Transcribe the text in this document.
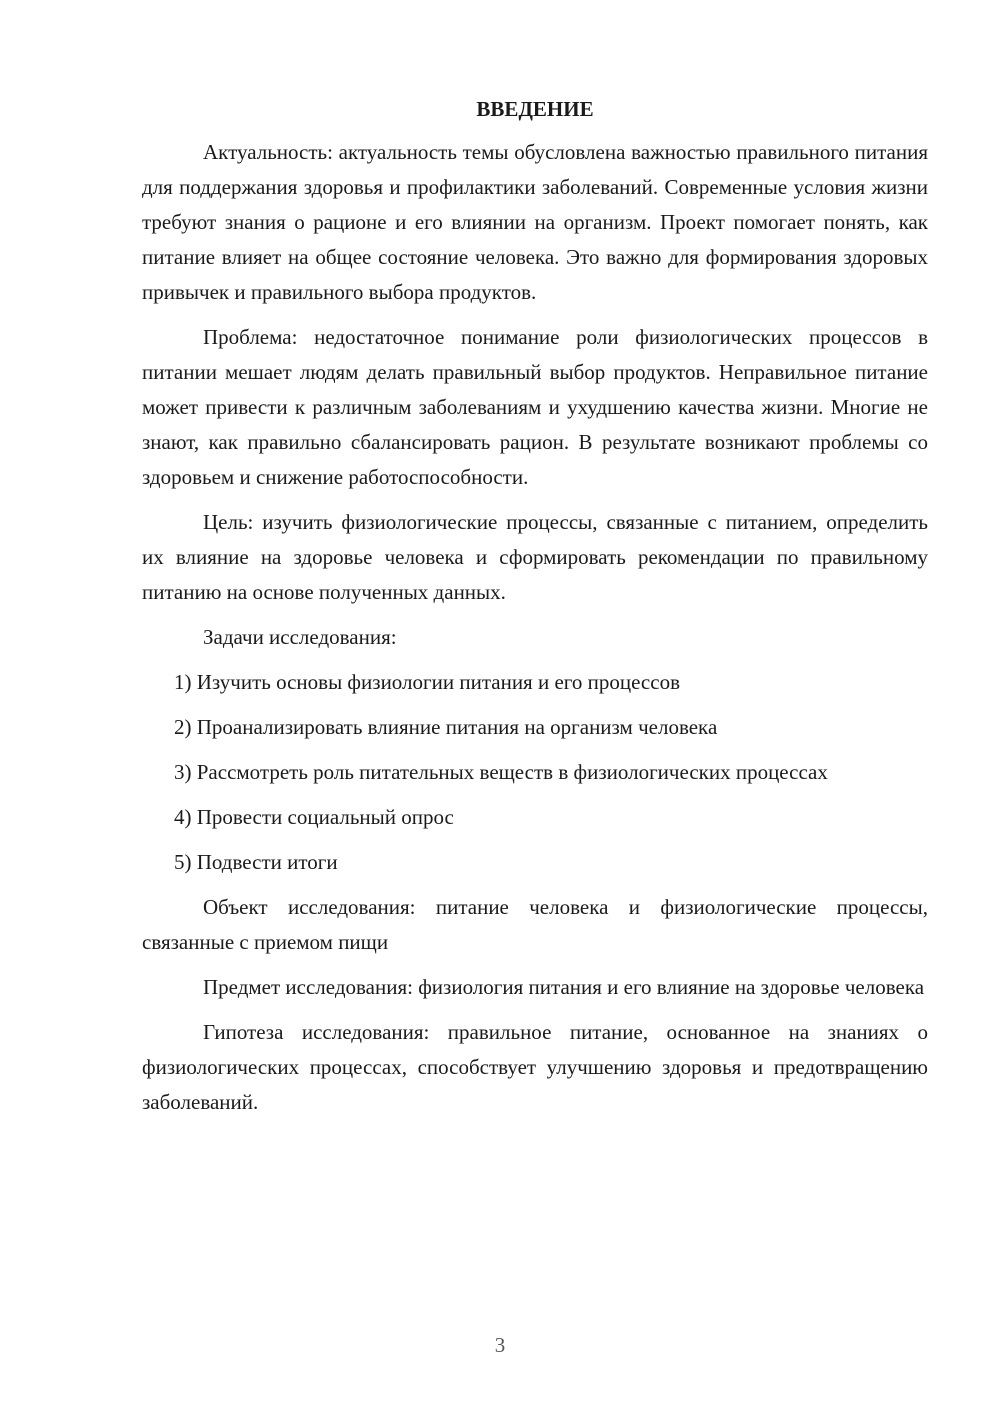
ВВЕДЕНИЕ

Актуальность: актуальность темы обусловлена важностью правильного питания для поддержания здоровья и профилактики заболеваний. Современные условия жизни требуют знания о рационе и его влиянии на организм. Проект помогает понять, как питание влияет на общее состояние человека. Это важно для формирования здоровых привычек и правильного выбора продуктов.

Проблема: недостаточное понимание роли физиологических процессов в питании мешает людям делать правильный выбор продуктов. Неправильное питание может привести к различным заболеваниям и ухудшению качества жизни. Многие не знают, как правильно сбалансировать рацион. В результате возникают проблемы со здоровьем и снижение работоспособности.

Цель: изучить физиологические процессы, связанные с питанием, определить их влияние на здоровье человека и сформировать рекомендации по правильному питанию на основе полученных данных.

Задачи исследования:

1) Изучить основы физиологии питания и его процессов
2) Проанализировать влияние питания на организм человека
3) Рассмотреть роль питательных веществ в физиологических процессах
4) Провести социальный опрос
5) Подвести итоги

Объект исследования: питание человека и физиологические процессы, связанные с приемом пищи

Предмет исследования: физиология питания и его влияние на здоровье человека

Гипотеза исследования: правильное питание, основанное на знаниях о физиологических процессах, способствует улучшению здоровья и предотвращению заболеваний.

3
